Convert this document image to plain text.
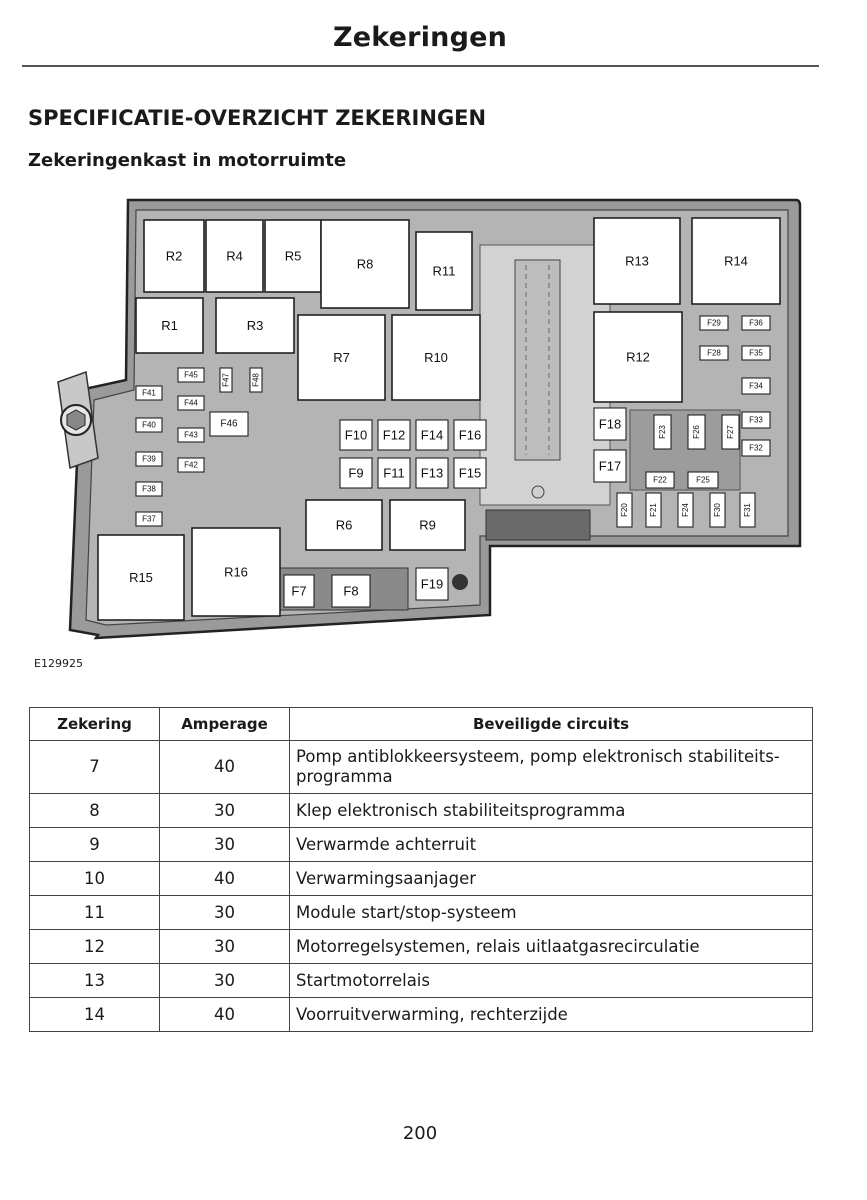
Zekeringen
SPECIFICATIE-OVERZICHT ZEKERINGEN
Zekeringenkast in motorruimte
R1
R2
R3
R4	R5
R6
R7
R8
R9
R10
R11
R12
R13	R14
R15	R16
F7	F8
F9
F10
F11
F12
F13
F14
F15
F16
F17
F18
F19
F20	F21
F22
F23
F24
F25
F26	F27
F28
F29
F30	F31
F32
F33
F34
F35
F36
F37
F38
F39
F40
F41
F42
F43
F44
F45
F46
F47	F48
E129925
Zekering	Amperage	Beveiligde circuits
7	40	Pomp antiblokkeersysteem, pomp elektronisch stabiliteits-programma
8	30	Klep elektronisch stabiliteitsprogramma
9	30	Verwarmde achterruit
10	40	Verwarmingsaanjager
11	30	Module start/stop-systeem
12	30	Motorregelsystemen, relais uitlaatgasrecirculatie
13	30	Startmotorrelais
14	40	Voorruitverwarming, rechterzijde
200
